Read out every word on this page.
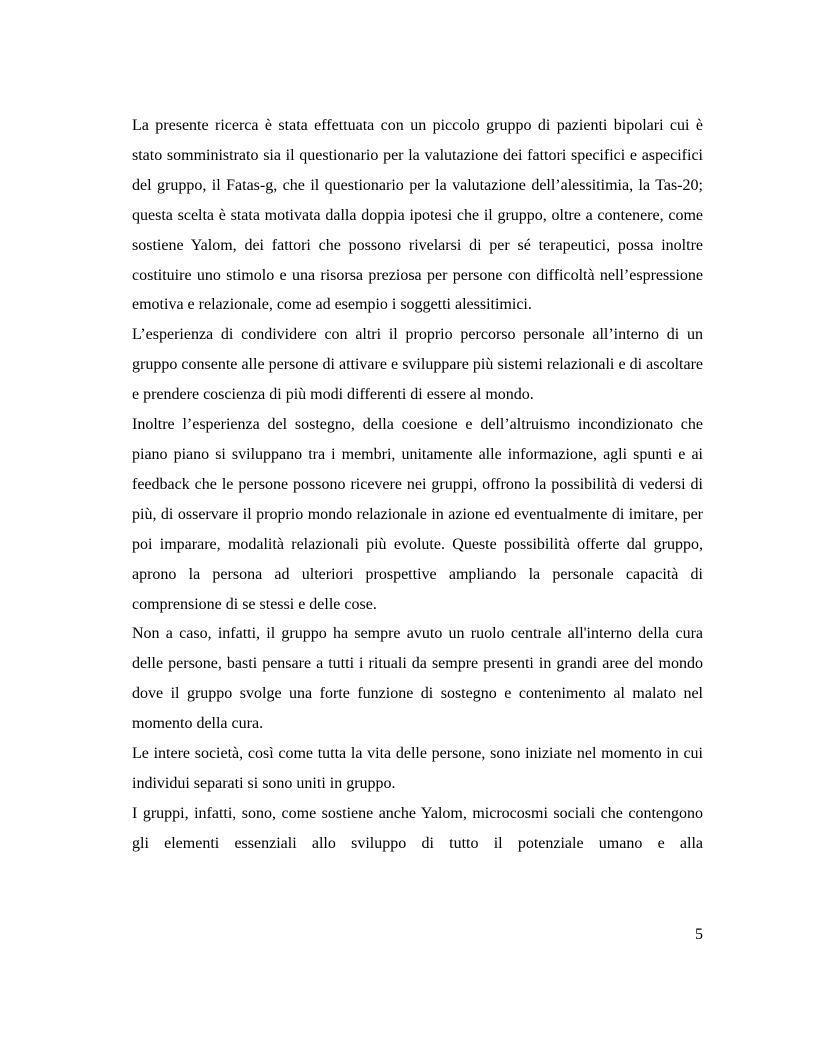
La presente ricerca è stata effettuata con un piccolo gruppo di pazienti bipolari cui è stato somministrato sia il questionario per la valutazione dei fattori specifici e aspecifici del gruppo, il Fatas-g, che il questionario per la valutazione dell’alessitimia, la Tas-20; questa scelta è stata motivata dalla doppia ipotesi che il gruppo, oltre a contenere, come sostiene Yalom, dei fattori che possono rivelarsi di per sé terapeutici, possa inoltre costituire uno stimolo e una risorsa preziosa per persone con difficoltà nell’espressione emotiva e relazionale, come ad esempio i soggetti alessitimici.

L’esperienza di condividere con altri il proprio percorso personale all’interno di un gruppo consente alle persone di attivare e sviluppare più sistemi relazionali e di ascoltare e prendere coscienza di più modi differenti di essere al mondo.

Inoltre l’esperienza del sostegno, della coesione e dell’altruismo incondizionato che piano piano si sviluppano tra i membri, unitamente alle informazione, agli spunti e ai feedback che le persone possono ricevere nei gruppi, offrono la possibilità di vedersi di più, di osservare il proprio mondo relazionale in azione ed eventualmente di imitare, per poi imparare, modalità relazionali più evolute. Queste possibilità offerte dal gruppo, aprono la persona ad ulteriori prospettive ampliando la personale capacità di comprensione di se stessi e delle cose.

Non a caso, infatti, il gruppo ha sempre avuto un ruolo centrale all'interno della cura delle persone, basti pensare a tutti i rituali da sempre presenti in grandi aree del mondo dove il gruppo svolge una forte funzione di sostegno e contenimento al malato nel momento della cura.

Le intere società, così come tutta la vita delle persone, sono iniziate nel momento in cui individui separati si sono uniti in gruppo.

I gruppi, infatti, sono, come sostiene anche Yalom, microcosmi sociali che contengono gli elementi essenziali allo sviluppo di tutto il potenziale umano e alla

5
